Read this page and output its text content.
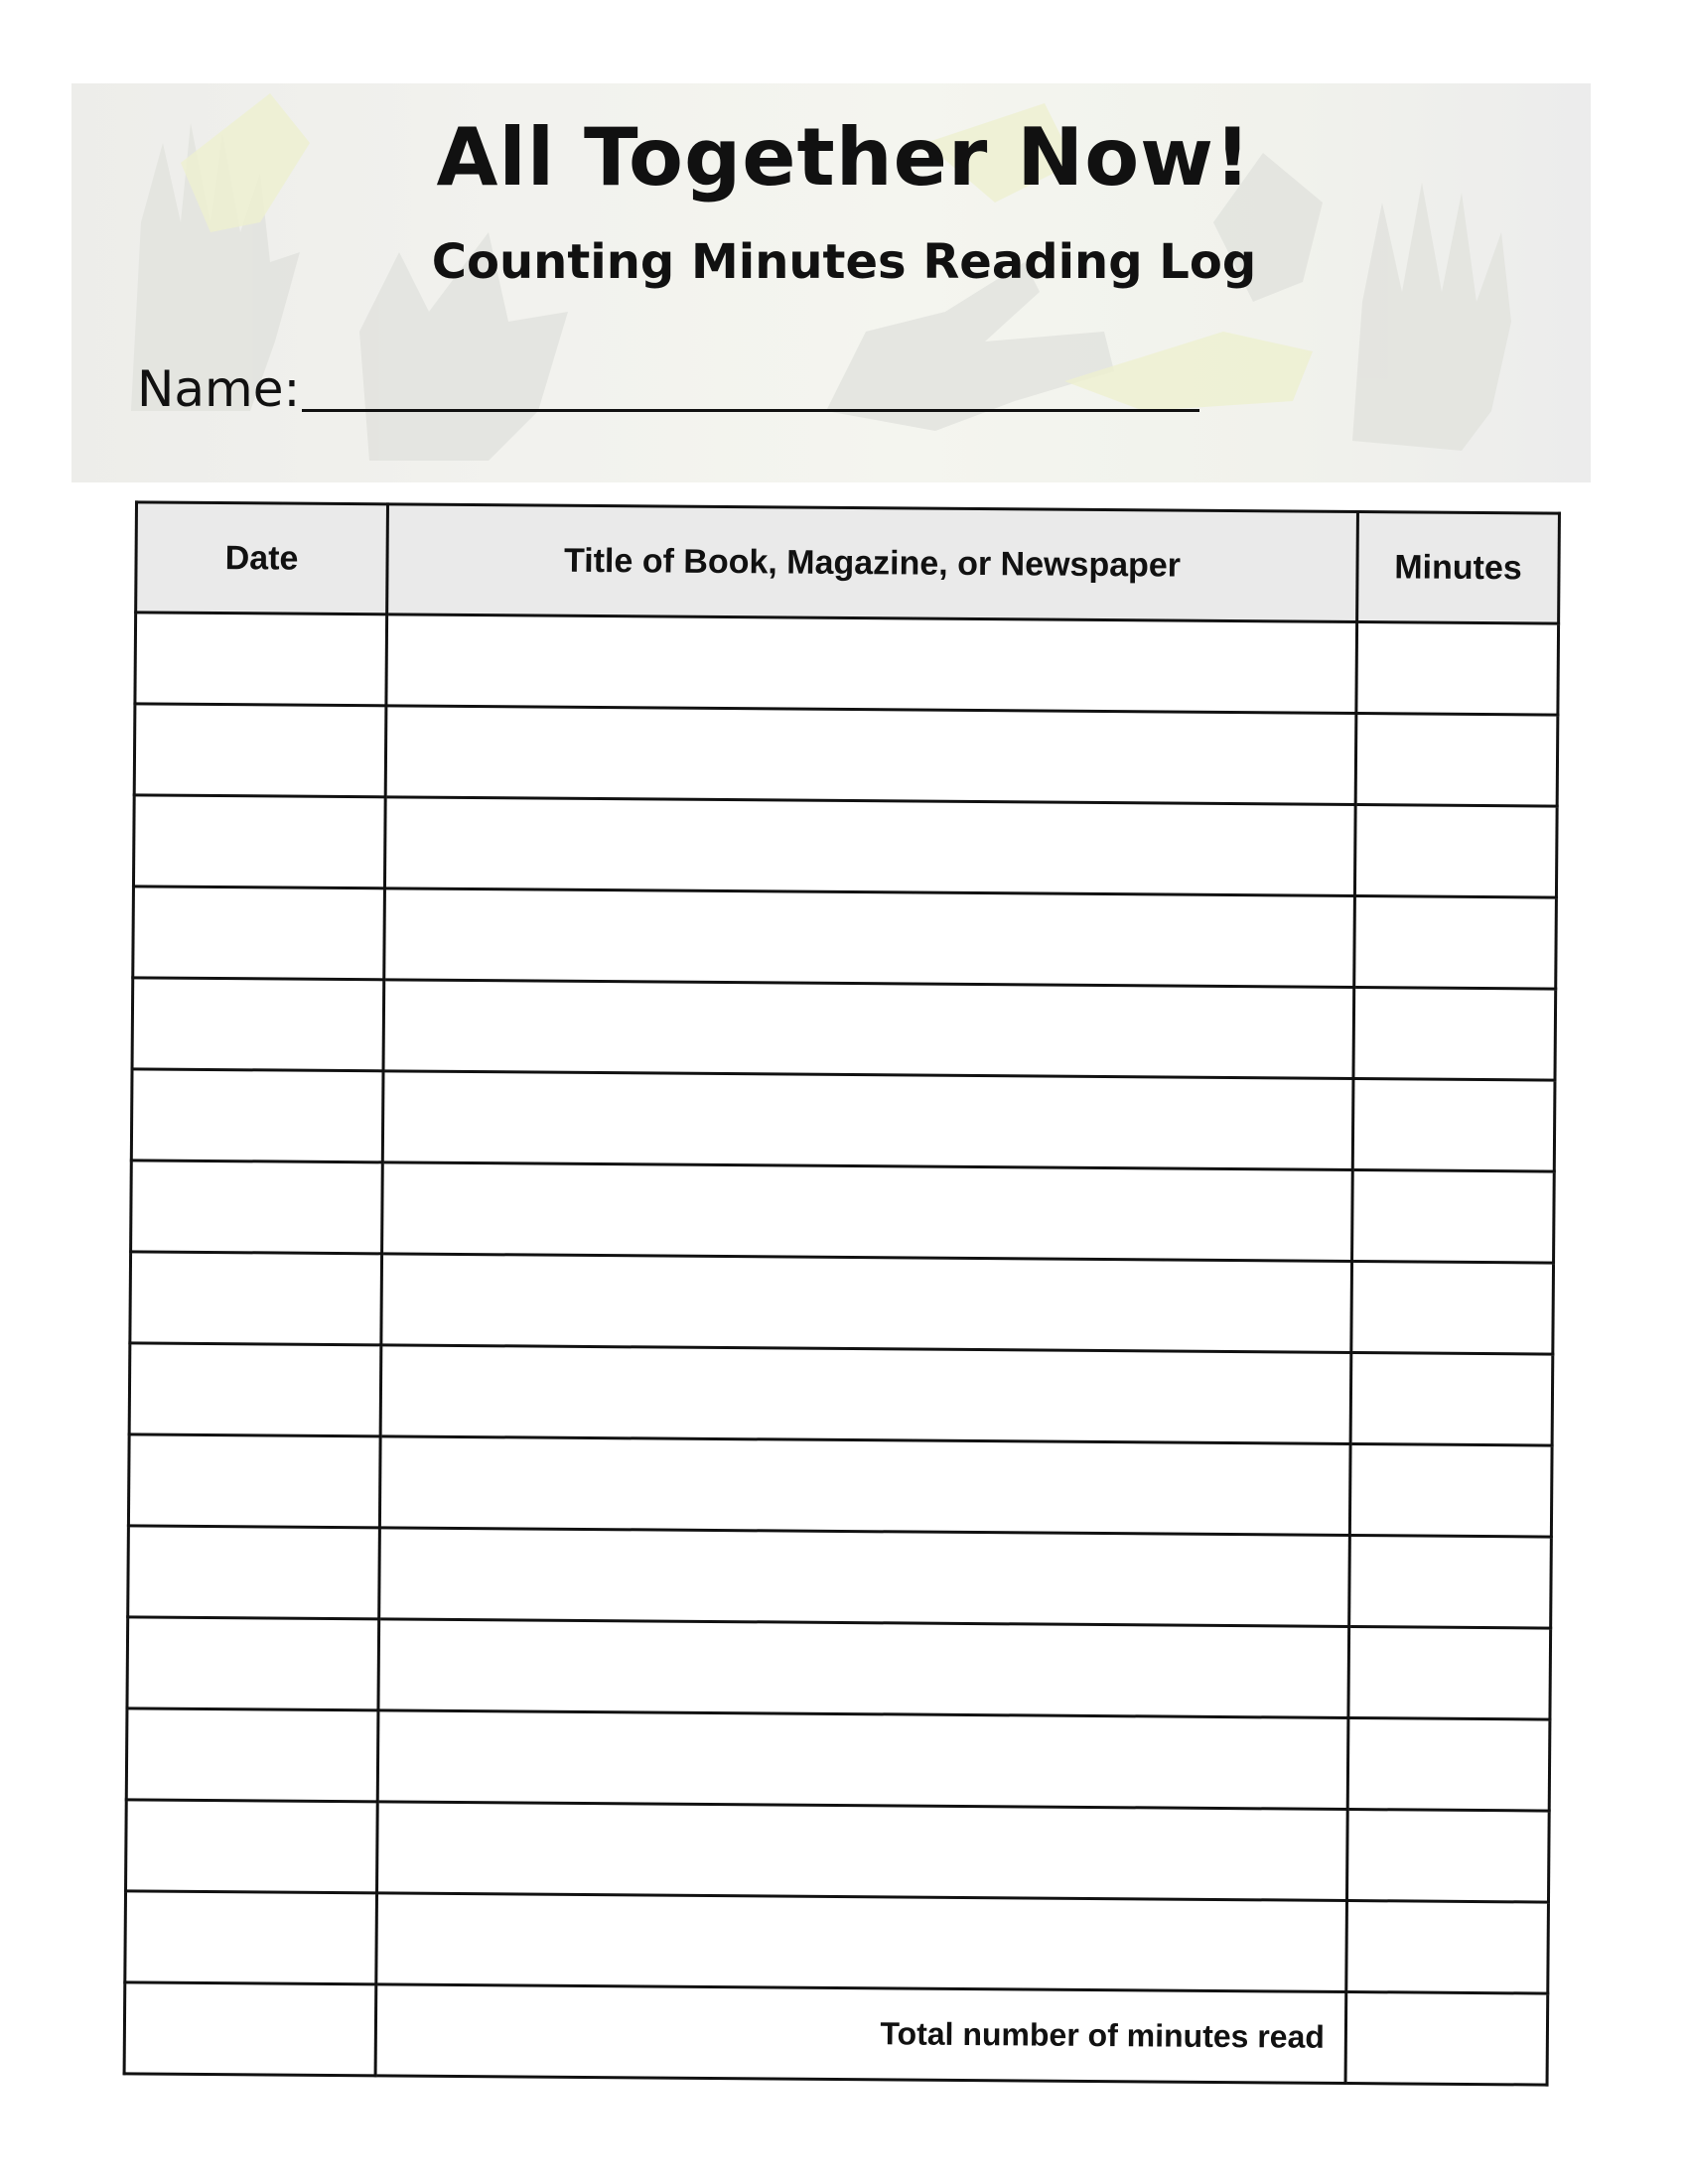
All Together Now!
Counting Minutes Reading Log
Name:
Date	Title of Book, Magazine, or Newspaper	Minutes

	Total number of minutes read	
